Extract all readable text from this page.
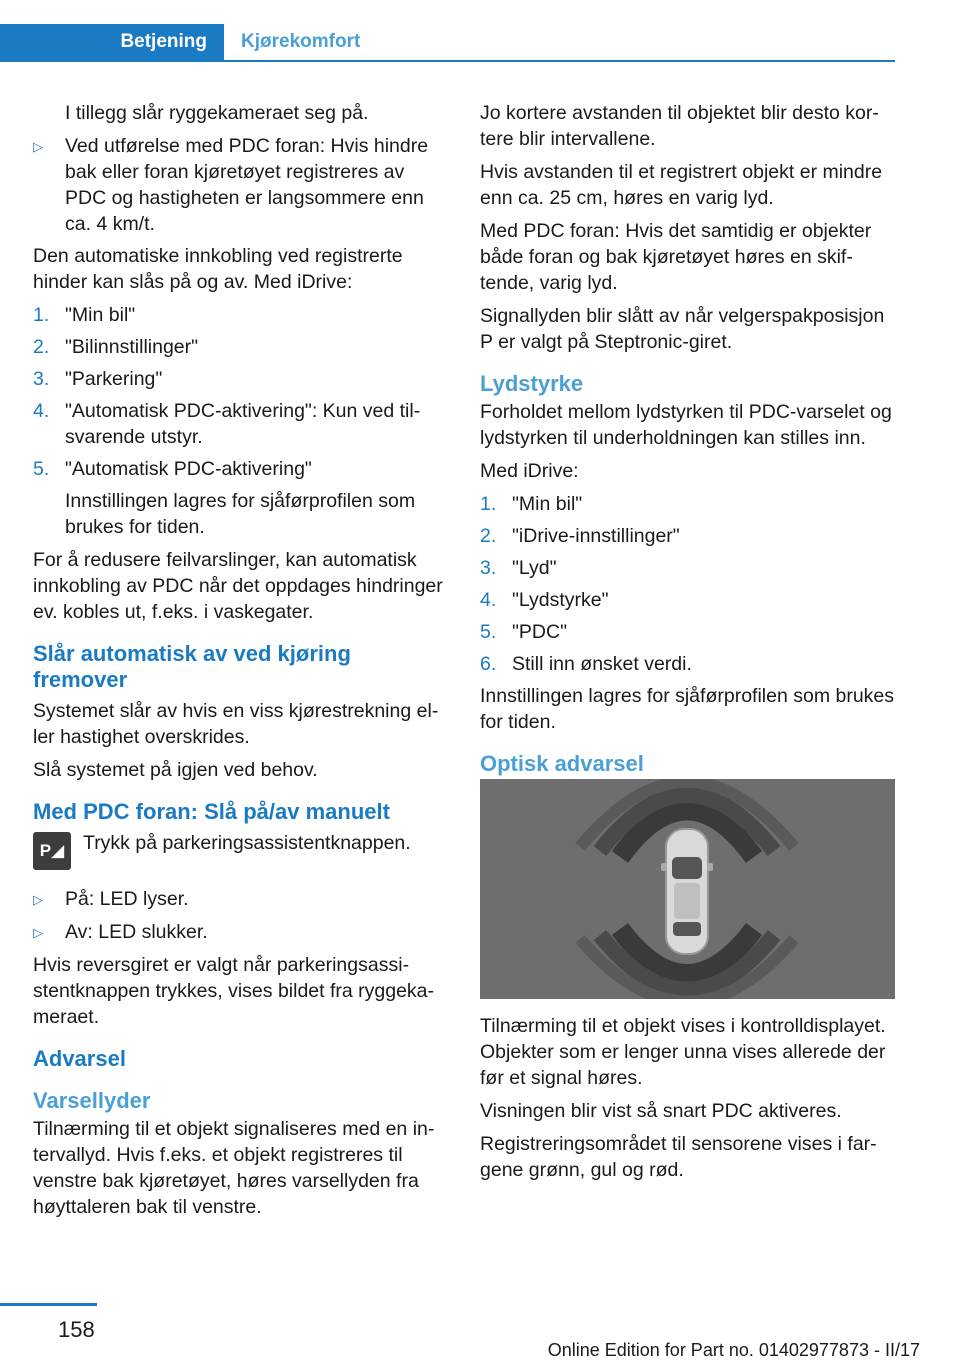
Betjening	Kjørekomfort

I tillegg slår ryggekameraet seg på.

▷	Ved utførelse med PDC foran: Hvis hindre bak eller foran kjøretøyet registreres av PDC og hastigheten er langsommere enn ca. 4 km/t.

Den automatiske innkobling ved registrerte hinder kan slås på og av. Med iDrive:

1. "Min bil"
2. "Bilinnstillinger"
3. "Parkering"
4. "Automatisk PDC-aktivering": Kun ved tilsvarende utstyr.
5. "Automatisk PDC-aktivering"

Innstillingen lagres for sjåførprofilen som brukes for tiden.

For å redusere feilvarslinger, kan automatisk innkobling av PDC når det oppdages hindringer ev. kobles ut, f.eks. i vaskegater.

Slår automatisk av ved kjøring fremover

Systemet slår av hvis en viss kjørestrekning eller hastighet overskrides.

Slå systemet på igjen ved behov.

Med PDC foran: Slå på/av manuelt
P◢ Trykk på parkeringsassistentknappen.
▷	På: LED lyser.
▷	Av: LED slukker.

Hvis reversgiret er valgt når parkeringsassistentknappen trykkes, vises bildet fra ryggekameraet.

Advarsel
Varsellyder

Tilnærming til et objekt signaliseres med en intervallyd. Hvis f.eks. et objekt registreres til venstre bak kjøretøyet, høres varsellyden fra høyttaleren bak til venstre.

Jo kortere avstanden til objektet blir desto kortere blir intervallene.

Hvis avstanden til et registrert objekt er mindre enn ca. 25 cm, høres en varig lyd.

Med PDC foran: Hvis det samtidig er objekter både foran og bak kjøretøyet høres en skiftende, varig lyd.

Signallyden blir slått av når velgerspakposisjon P er valgt på Steptronic-giret.

Lydstyrke

Forholdet mellom lydstyrken til PDC-varselet og lydstyrken til underholdningen kan stilles inn.

Med iDrive:

1. "Min bil"
2. "iDrive-innstillinger"
3. "Lyd"
4. "Lydstyrke"
5. "PDC"
6. Still inn ønsket verdi.

Innstillingen lagres for sjåførprofilen som brukes for tiden.

Optisk advarsel

Tilnærming til et objekt vises i kontrolldisplayet. Objekter som er lenger unna vises allerede der før et signal høres.

Visningen blir vist så snart PDC aktiveres.

Registreringsområdet til sensorene vises i fargene grønn, gul og rød.

158
Online Edition for Part no. 01402977873 - II/17
